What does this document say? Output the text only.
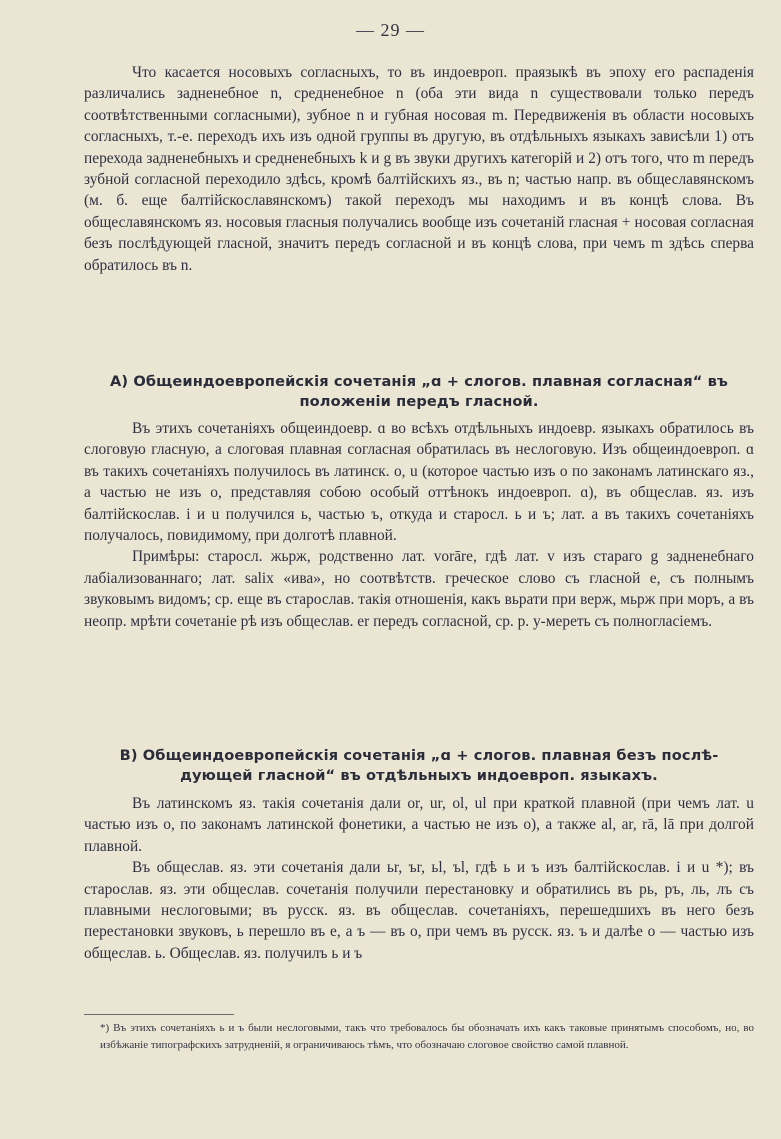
— 29 —

Что касается носовыхъ согласныхъ, то въ индоевроп. праязыкѣ въ эпоху его распаденія различались задненебное n, средненебное n (оба эти вида n существовали только передъ соотвѣтственными согласными), зубное n и губная носовая m. Передвиженія въ области носовыхъ согласныхъ, т.-е. переходъ ихъ изъ одной группы въ другую, въ отдѣльныхъ языкахъ зависѣли 1) отъ перехода задненебныхъ и средненебныхъ k и g въ звуки другихъ категорій и 2) отъ того, что m передъ зубной согласной переходило здѣсь, кромѣ балтійскихъ яз., въ n; частью напр. въ общеславянскомъ (м. б. еще балтійскославянскомъ) такой переходъ мы находимъ и въ концѣ слова. Въ общеславянскомъ яз. носовыя гласныя получались вообще изъ сочетаній гласная + носовая согласная безъ послѣдующей гласной, значитъ передъ согласной и въ концѣ слова, при чемъ m здѣсь сперва обратилось въ n.

A) Общеиндоевропейскія сочетанія „ɑ + слогов. плавная согласная“ въ
положеніи передъ гласной.

Въ этихъ сочетаніяхъ общеиндоевр. ɑ во всѣхъ отдѣльныхъ индоевр. языкахъ обратилось въ слоговую гласную, а слоговая плавная согласная обратилась въ неслоговую. Изъ общеиндоевроп. ɑ въ такихъ сочетаніяхъ получилось въ латинск. o, u (которое частью изъ o по законамъ латинскаго яз., а частью не изъ o, представляя собою особый оттѣнокъ индоевроп. ɑ), въ общеслав. яз. изъ балтійскослав. i и u получился ь, частью ъ, откуда и старосл. ь и ъ; лат. a въ такихъ сочетаніяхъ получалось, повидимому, при долготѣ плавной.

Примѣры: старосл. жьрж, родственно лат. vorāre, гдѣ лат. v изъ стараго g задненебнаго лабіализованнаго; лат. salix «ива», но соотвѣтств. греческое слово съ гласной e, съ полнымъ звуковымъ видомъ; ср. еще въ старослав. такія отношенія, какъ вьрати при верж, мьрж при моръ, а въ неопр. мрѣти сочетаніе рѣ изъ общеслав. er передъ согласной, ср. р. у-мереть съ полногласіемъ.

B) Общеиндоевропейскія сочетанія „ɑ + слогов. плавная безъ послѣ-
дующей гласной“ въ отдѣльныхъ индоевроп. языкахъ.

Въ латинскомъ яз. такія сочетанія дали or, ur, ol, ul при краткой плавной (при чемъ лат. u частью изъ o, по законамъ латинской фонетики, а частью не изъ o), а также al, ar, rā, lā при долгой плавной.

Въ общеслав. яз. эти сочетанія дали ьr, ъr, ьl, ъl, гдѣ ь и ъ изъ балтійскослав. i и u *); въ старослав. яз. эти общеслав. сочетанія получили перестановку и обратились въ рь, ръ, ль, лъ съ плавными неслоговыми; въ русск. яз. въ общеслав. сочетаніяхъ, перешедшихъ въ него безъ перестановки звуковъ, ь перешло въ e, а ъ — въ o, при чемъ въ русск. яз. ъ и далѣе o — частью изъ общеслав. ь. Общеслав. яз. получилъ ь и ъ

*) Въ этихъ сочетаніяхъ ь и ъ были неслоговыми, такъ что требовалось бы обозначать ихъ какъ таковые принятымъ способомъ, но, во избѣжаніе типографскихъ затрудненій, я ограничиваюсь тѣмъ, что обозначаю слоговое свойство самой плавной.
